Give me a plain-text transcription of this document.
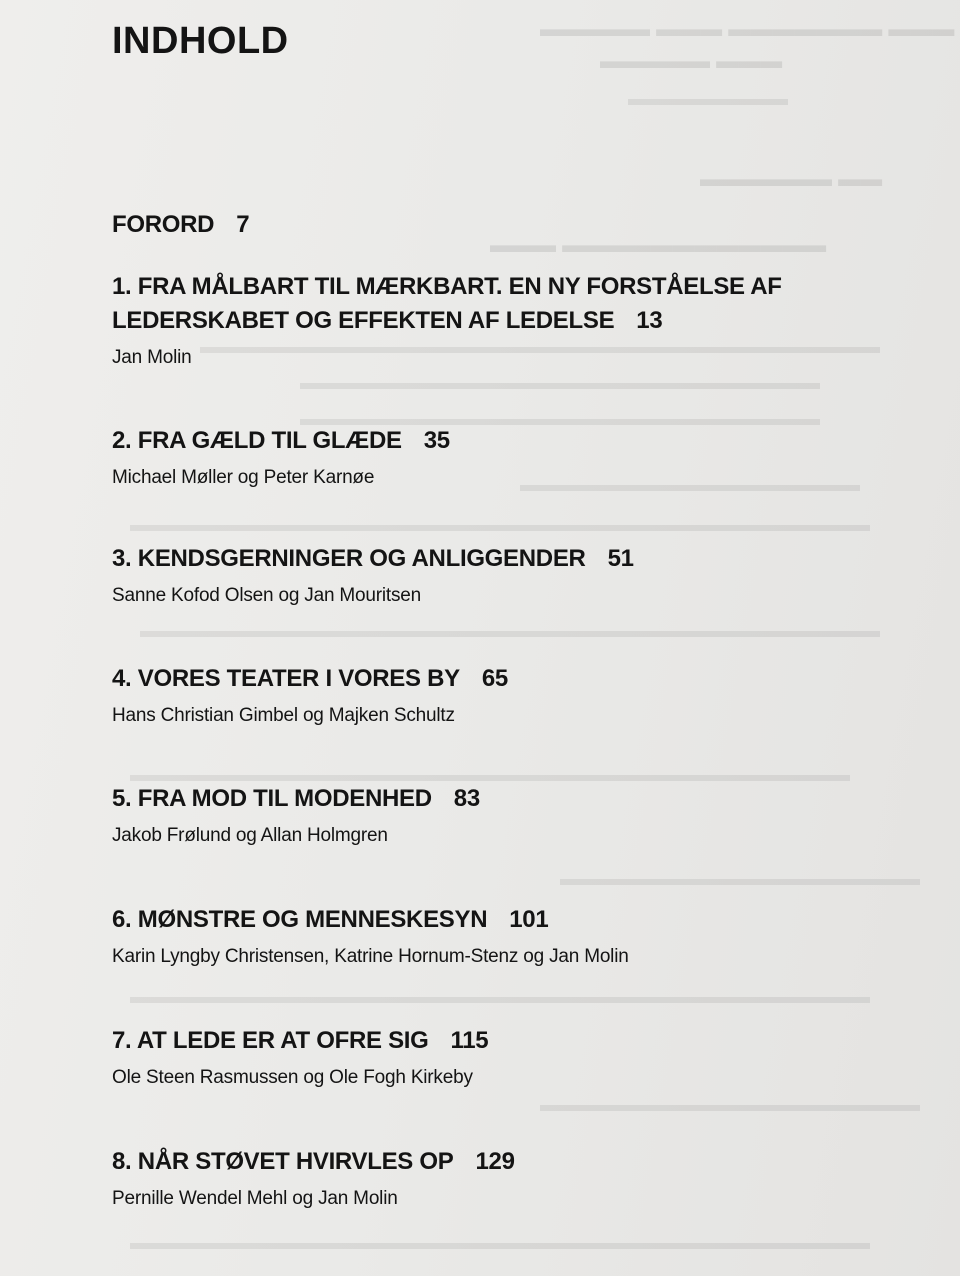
▬▬▬▬▬ ▬▬▬ ▬▬▬▬▬▬▬ ▬▬▬
▬▬▬▬▬ ▬▬▬
▬▬▬▬▬▬▬▬
▬▬▬▬▬▬ ▬▬
▬▬▬ ▬▬▬▬▬▬▬▬▬▬▬▬
▬▬▬▬▬▬▬▬▬▬▬▬▬▬▬▬▬▬▬▬▬▬▬▬▬▬▬▬▬▬▬▬▬▬
▬▬▬▬▬▬▬▬▬▬▬▬▬▬▬▬▬▬▬▬▬▬▬▬▬▬
▬▬▬▬▬▬▬▬▬▬▬▬▬▬▬▬▬▬▬▬▬▬▬▬▬▬
▬▬▬▬▬▬▬▬▬▬▬▬▬▬▬▬▬
▬▬▬▬▬▬▬▬▬▬▬▬▬▬▬▬▬▬▬▬▬▬▬▬▬▬▬▬▬▬▬▬▬▬▬▬▬
▬▬▬▬▬▬▬▬▬▬▬▬▬▬▬▬▬▬▬▬▬▬▬▬▬▬▬▬▬▬▬▬▬▬▬▬▬
▬▬▬▬▬▬▬▬▬▬▬▬▬▬▬▬▬▬▬▬▬▬▬▬▬▬▬▬▬▬▬▬▬▬▬▬
▬▬▬▬▬▬▬▬▬▬▬▬▬▬▬▬▬▬
▬▬▬▬▬▬▬▬▬▬▬▬▬▬▬▬▬▬▬▬▬▬▬▬▬▬▬▬▬▬▬▬▬▬▬▬▬
▬▬▬▬▬▬▬▬▬▬▬▬▬▬▬▬▬▬▬
▬▬▬▬▬▬▬▬▬▬▬▬▬▬▬▬▬▬▬▬▬▬▬▬▬▬▬▬▬▬▬▬▬▬▬▬▬
INDHOLD
FORORD 7
1. FRA MÅLBART TIL MÆRKBART. EN NY FORSTÅELSE AF LEDERSKABET OG EFFEKTEN AF LEDELSE 13
Jan Molin
2. FRA GÆLD TIL GLÆDE 35
Michael Møller og Peter Karnøe
3. KENDSGERNINGER OG ANLIGGENDER 51
Sanne Kofod Olsen og Jan Mouritsen
4. VORES TEATER I VORES BY 65
Hans Christian Gimbel og Majken Schultz
5. FRA MOD TIL MODENHED 83
Jakob Frølund og Allan Holmgren
6. MØNSTRE OG MENNESKESYN 101
Karin Lyngby Christensen, Katrine Hornum-Stenz og Jan Molin
7. AT LEDE ER AT OFRE SIG 115
Ole Steen Rasmussen og Ole Fogh Kirkeby
8. NÅR STØVET HVIRVLES OP 129
Pernille Wendel Mehl og Jan Molin
